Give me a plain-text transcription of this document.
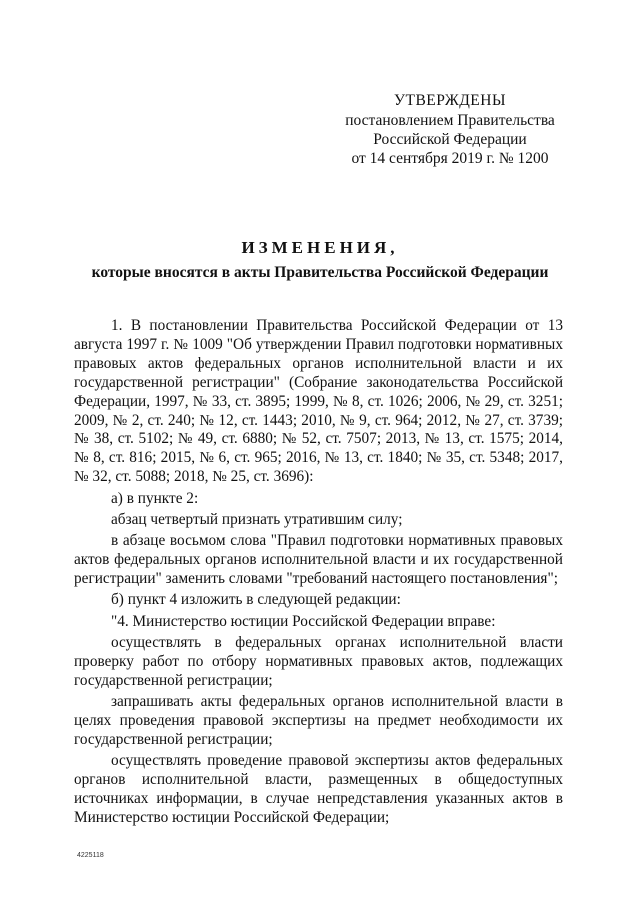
УТВЕРЖДЕНЫ
постановлением Правительства
Российской Федерации
от 14 сентября 2019 г. № 1200
ИЗМЕНЕНИЯ,
которые вносятся в акты Правительства Российской Федерации

1. В постановлении Правительства Российской Федерации от 13 августа 1997 г. № 1009 "Об утверждении Правил подготовки нормативных правовых актов федеральных органов исполнительной власти и их государственной регистрации" (Собрание законодательства Российской Федерации, 1997, № 33, ст. 3895; 1999, № 8, ст. 1026; 2006, № 29, ст. 3251; 2009, № 2, ст. 240; № 12, ст. 1443; 2010, № 9, ст. 964; 2012, № 27, ст. 3739; № 38, ст. 5102; № 49, ст. 6880; № 52, ст. 7507; 2013, № 13, ст. 1575; 2014, № 8, ст. 816; 2015, № 6, ст. 965; 2016, № 13, ст. 1840; № 35, ст. 5348; 2017, № 32, ст. 5088; 2018, № 25, ст. 3696):

а) в пункте 2:

абзац четвертый признать утратившим силу;

в абзаце восьмом слова "Правил подготовки нормативных правовых актов федеральных органов исполнительной власти и их государственной регистрации" заменить словами "требований настоящего постановления";

б) пункт 4 изложить в следующей редакции:

"4. Министерство юстиции Российской Федерации вправе:

осуществлять в федеральных органах исполнительной власти проверку работ по отбору нормативных правовых актов, подлежащих государственной регистрации;

запрашивать акты федеральных органов исполнительной власти в целях проведения правовой экспертизы на предмет необходимости их государственной регистрации;

осуществлять проведение правовой экспертизы актов федеральных органов исполнительной власти, размещенных в общедоступных источниках информации, в случае непредставления указанных актов в Министерство юстиции Российской Федерации;

4225118
